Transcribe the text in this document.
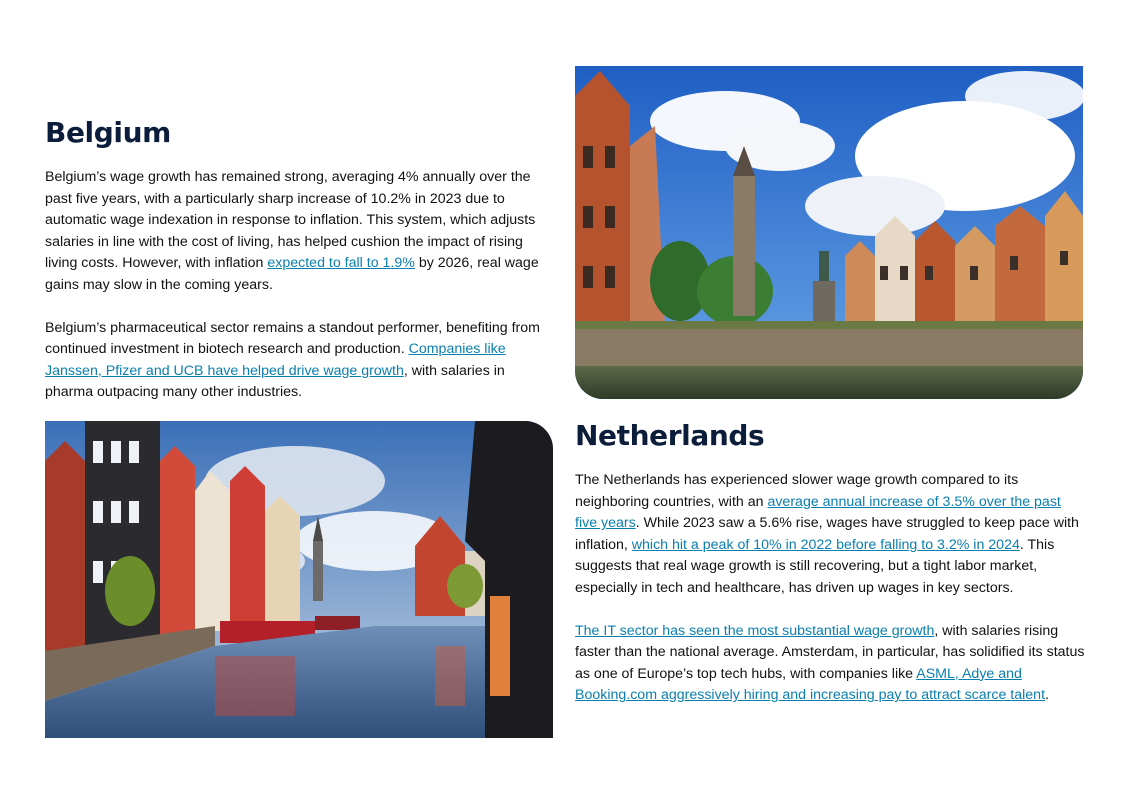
Belgium

Belgium’s wage growth has remained strong, averaging 4% annually over the past five years, with a particularly sharp increase of 10.2% in 2023 due to automatic wage indexation in response to inflation. This system, which adjusts salaries in line with the cost of living, has helped cushion the impact of rising living costs. However, with inflation expected to fall to 1.9% by 2026, real wage gains may slow in the coming years.

Belgium’s pharmaceutical sector remains a standout performer, benefiting from continued investment in biotech research and production. Companies like Janssen, Pfizer and UCB have helped drive wage growth, with salaries in pharma outpacing many other industries.

Netherlands

The Netherlands has experienced slower wage growth compared to its neighboring countries, with an average annual increase of 3.5% over the past five years. While 2023 saw a 5.6% rise, wages have struggled to keep pace with inflation, which hit a peak of 10% in 2022 before falling to 3.2% in 2024. This suggests that real wage growth is still recovering, but a tight labor market, especially in tech and healthcare, has driven up wages in key sectors.

The IT sector has seen the most substantial wage growth, with salaries rising faster than the national average. Amsterdam, in particular, has solidified its status as one of Europe’s top tech hubs, with companies like ASML, Adye and Booking.com aggressively hiring and increasing pay to attract scarce talent.
